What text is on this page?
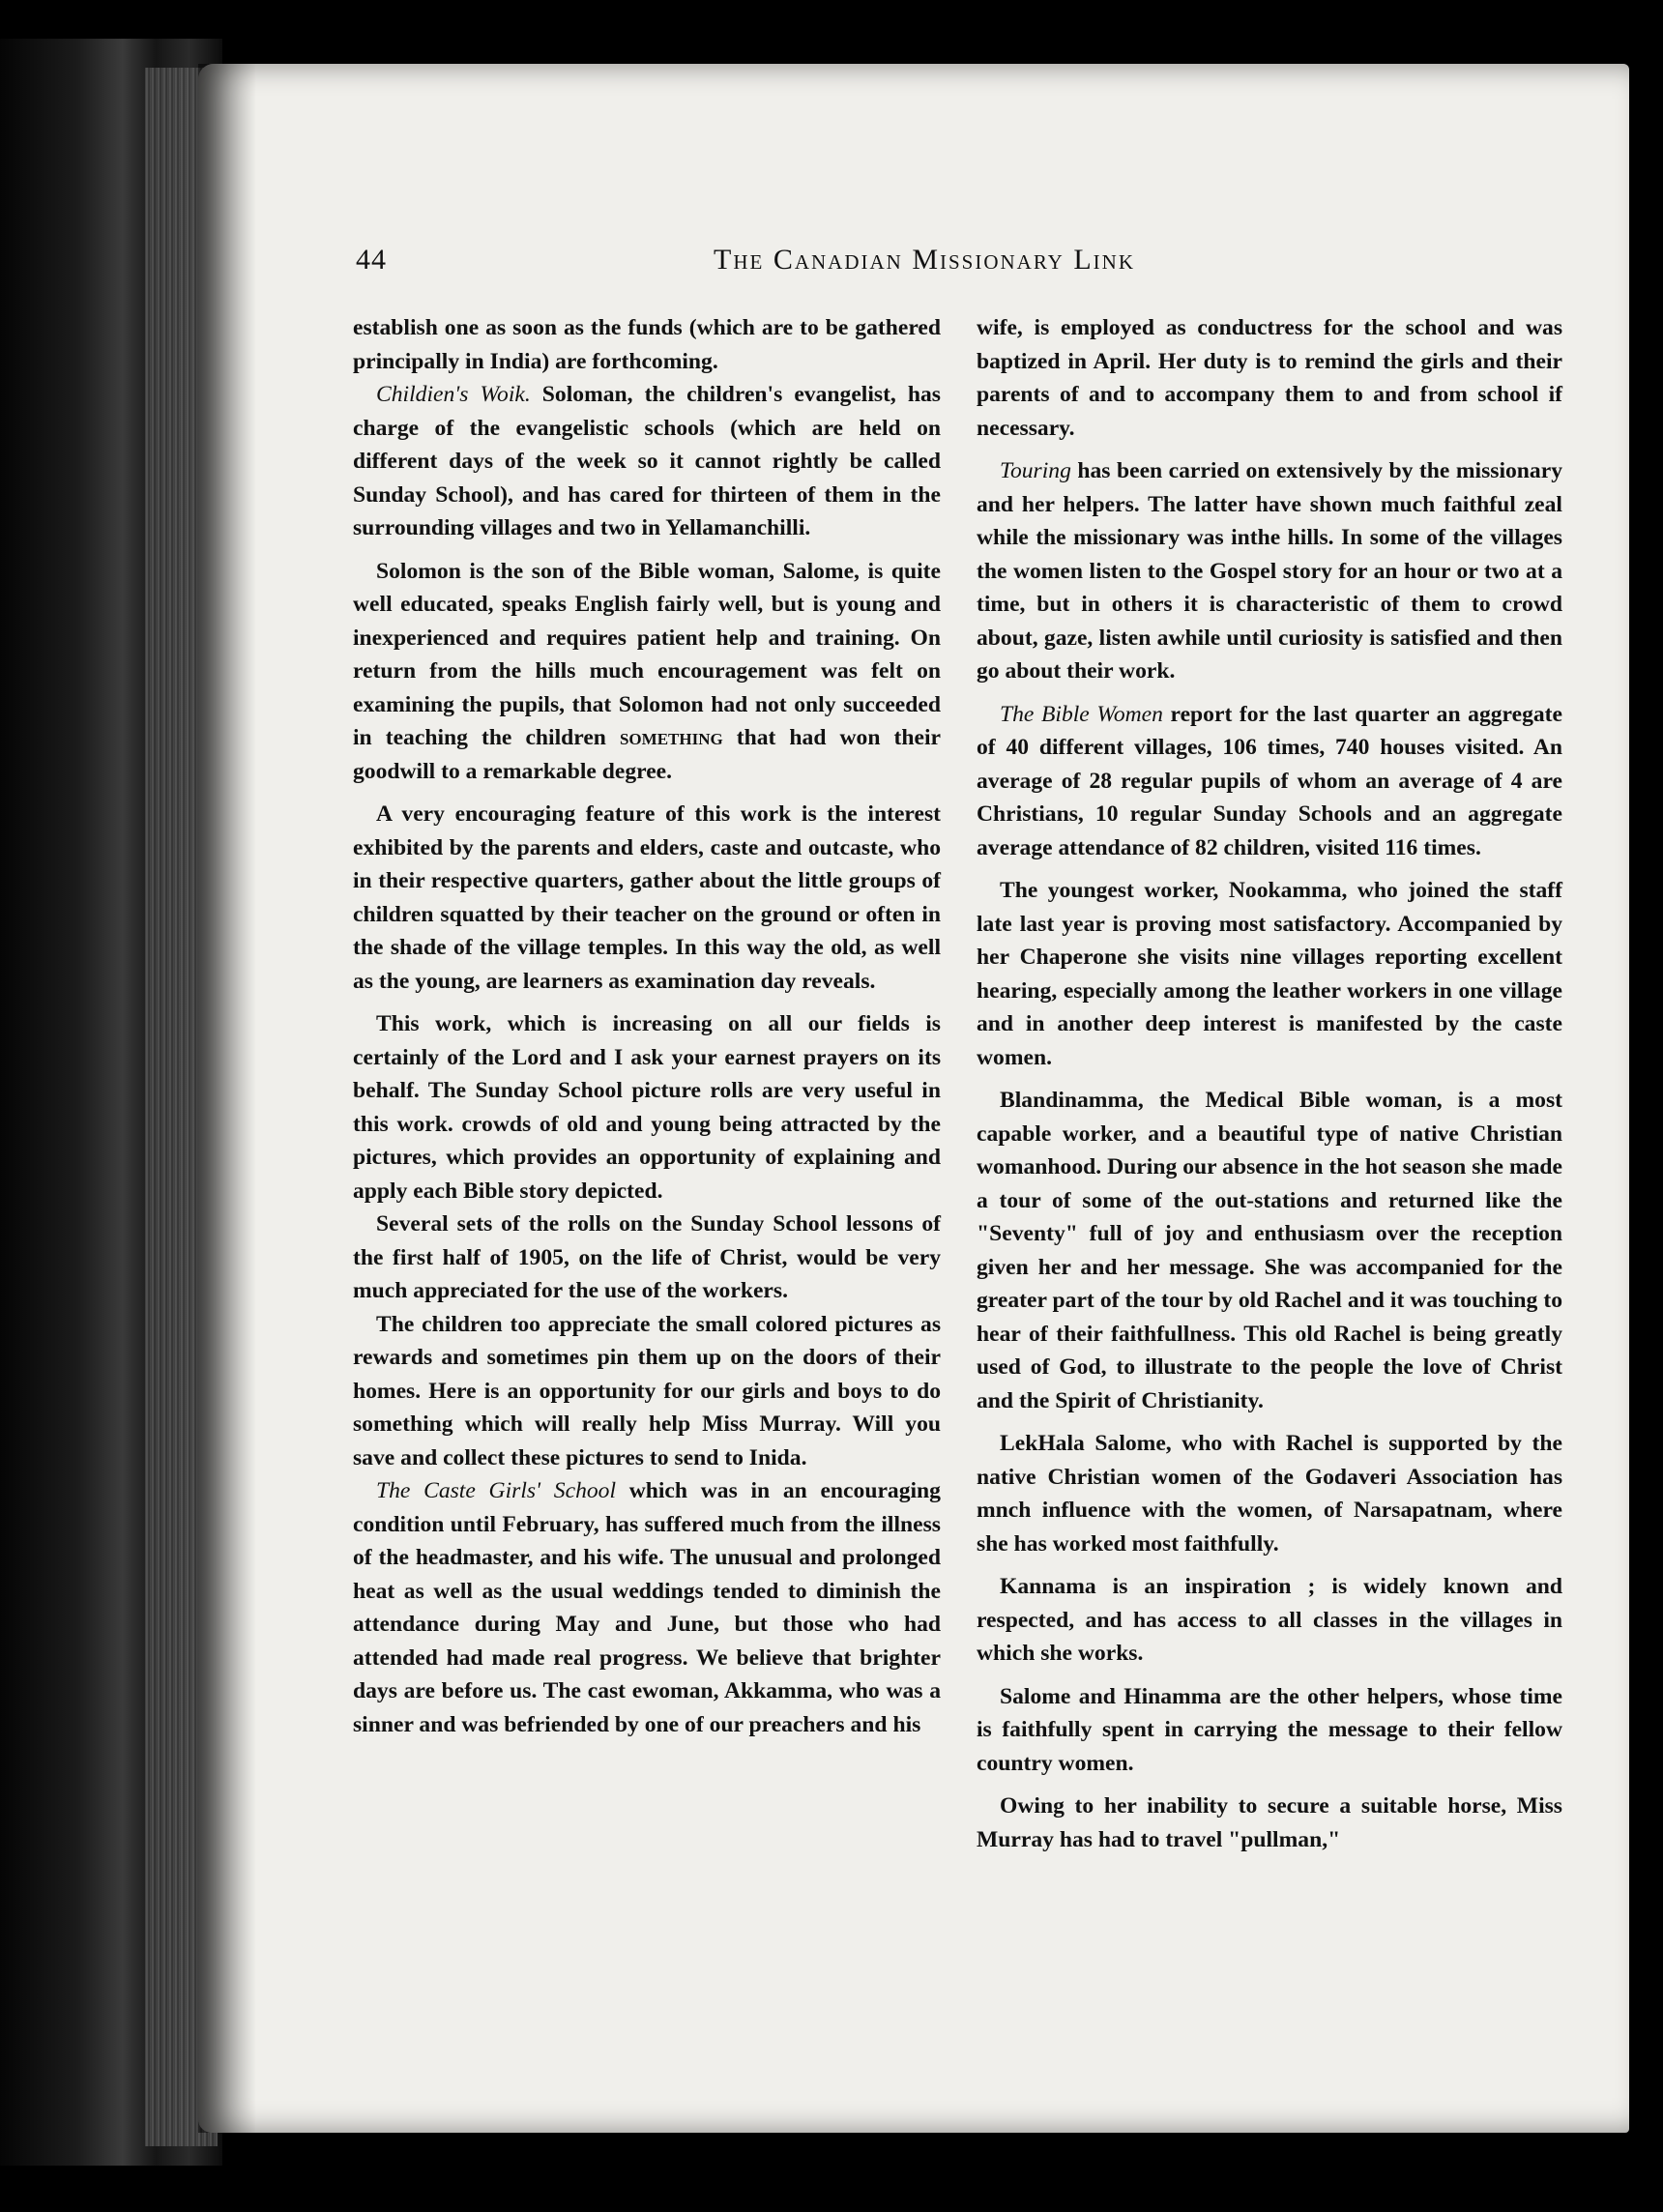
44	The Canadian Missionary Link

establish one as soon as the funds (which are to be gathered principally in India) are forthcoming.

Childien's Woik. Soloman, the children's evangelist, has charge of the evangelistic schools (which are held on different days of the week so it cannot rightly be called Sunday School), and has cared for thirteen of them in the surrounding villages and two in Yellamanchilli.

Solomon is the son of the Bible woman, Salome, is quite well educated, speaks English fairly well, but is young and inexperienced and requires patient help and training. On return from the hills much encouragement was felt on examining the pupils, that Solomon had not only succeeded in teaching the children something that had won their goodwill to a remarkable degree.

A very encouraging feature of this work is the interest exhibited by the parents and elders, caste and outcaste, who in their respective quarters, gather about the little groups of children squatted by their teacher on the ground or often in the shade of the village temples. In this way the old, as well as the young, are learners as examination day reveals.

This work, which is increasing on all our fields is certainly of the Lord and I ask your earnest prayers on its behalf. The Sunday School picture rolls are very useful in this work. crowds of old and young being attracted by the pictures, which provides an opportunity of explaining and apply each Bible story depicted.

Several sets of the rolls on the Sunday School lessons of the first half of 1905, on the life of Christ, would be very much appreciated for the use of the workers.

The children too appreciate the small colored pictures as rewards and sometimes pin them up on the doors of their homes. Here is an opportunity for our girls and boys to do something which will really help Miss Murray. Will you save and collect these pictures to send to Inida.

The Caste Girls' School which was in an encouraging condition until February, has suffered much from the illness of the headmaster, and his wife. The unusual and prolonged heat as well as the usual weddings tended to diminish the attendance during May and June, but those who had attended had made real progress. We believe that brighter days are before us. The cast ewoman, Akkamma, who was a sinner and was befriended by one of our preachers and his

wife, is employed as conductress for the school and was baptized in April. Her duty is to remind the girls and their parents of and to accompany them to and from school if necessary.

Touring has been carried on extensively by the missionary and her helpers. The latter have shown much faithful zeal while the missionary was inthe hills. In some of the villages the women listen to the Gospel story for an hour or two at a time, but in others it is characteristic of them to crowd about, gaze, listen awhile until curiosity is satisfied and then go about their work.

The Bible Women report for the last quarter an aggregate of 40 different villages, 106 times, 740 houses visited. An average of 28 regular pupils of whom an average of 4 are Christians, 10 regular Sunday Schools and an aggregate average attendance of 82 children, visited 116 times.

The youngest worker, Nookamma, who joined the staff late last year is proving most satisfactory. Accompanied by her Chaperone she visits nine villages reporting excellent hearing, especially among the leather workers in one village and in another deep interest is manifested by the caste women.

Blandinamma, the Medical Bible woman, is a most capable worker, and a beautiful type of native Christian womanhood. During our absence in the hot season she made a tour of some of the out-stations and returned like the "Seventy" full of joy and enthusiasm over the reception given her and her message. She was accompanied for the greater part of the tour by old Rachel and it was touching to hear of their faithfullness. This old Rachel is being greatly used of God, to illustrate to the people the love of Christ and the Spirit of Christianity.

LekHala Salome, who with Rachel is supported by the native Christian women of the Godaveri Association has mnch influence with the women, of Narsapatnam, where she has worked most faithfully.

Kannama is an inspiration ; is widely known and respected, and has access to all classes in the villages in which she works.

Salome and Hinamma are the other helpers, whose time is faithfully spent in carrying the message to their fellow country women.

Owing to her inability to secure a suitable horse, Miss Murray has had to travel "pullman,"
